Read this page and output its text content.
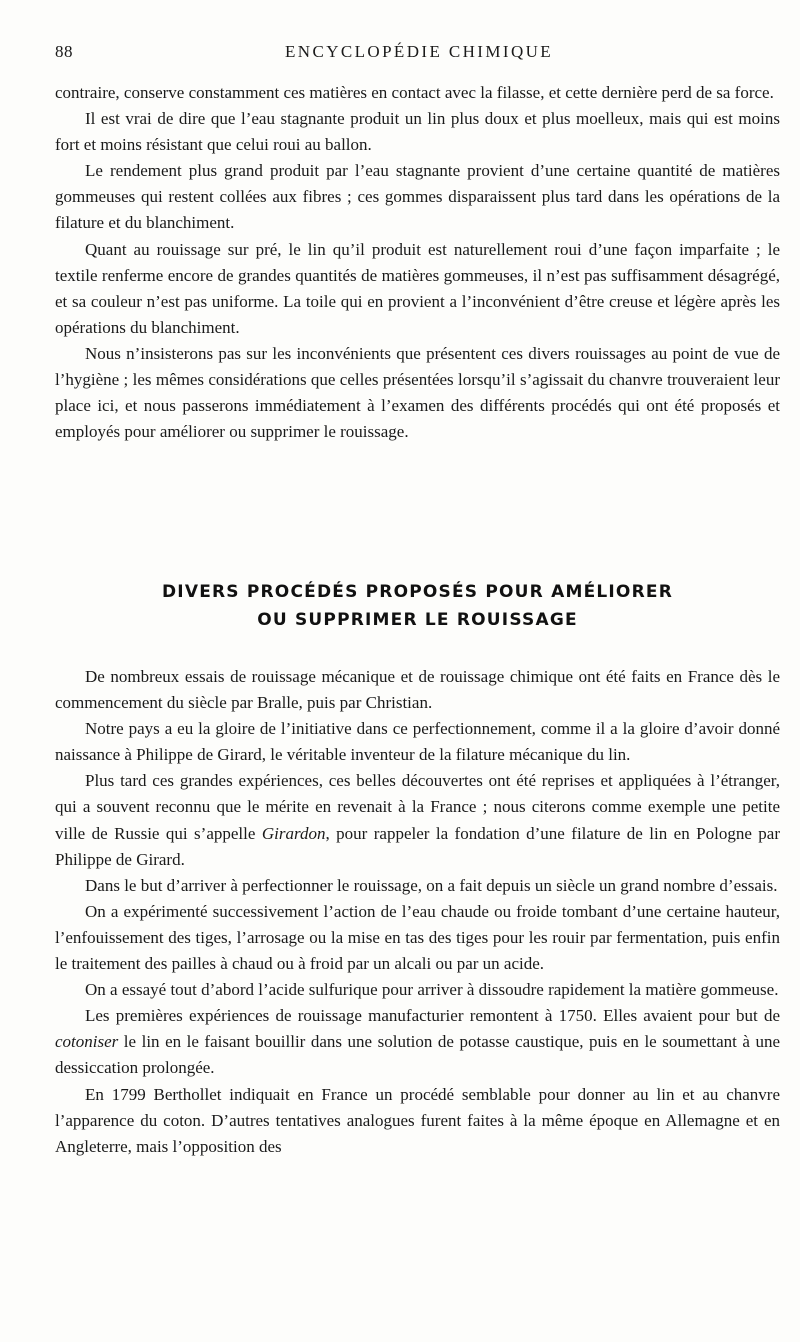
88	ENCYCLOPÉDIE CHIMIQUE

contraire, conserve constamment ces matières en contact avec la filasse, et cette dernière perd de sa force.

Il est vrai de dire que l’eau stagnante produit un lin plus doux et plus moelleux, mais qui est moins fort et moins résistant que celui roui au ballon.

Le rendement plus grand produit par l’eau stagnante provient d’une certaine quantité de matières gommeuses qui restent collées aux fibres ; ces gommes disparaissent plus tard dans les opérations de la filature et du blanchiment.

Quant au rouissage sur pré, le lin qu’il produit est naturellement roui d’une façon imparfaite ; le textile renferme encore de grandes quantités de matières gommeuses, il n’est pas suffisamment désagrégé, et sa couleur n’est pas uniforme. La toile qui en provient a l’inconvénient d’être creuse et légère après les opérations du blanchiment.

Nous n’insisterons pas sur les inconvénients que présentent ces divers rouissages au point de vue de l’hygiène ; les mêmes considérations que celles présentées lorsqu’il s’agissait du chanvre trouveraient leur place ici, et nous passerons immédiatement à l’examen des différents procédés qui ont été proposés et employés pour améliorer ou supprimer le rouissage.

DIVERS PROCÉDÉS PROPOSÉS POUR AMÉLIORER
OU SUPPRIMER LE ROUISSAGE

De nombreux essais de rouissage mécanique et de rouissage chimique ont été faits en France dès le commencement du siècle par Bralle, puis par Christian.

Notre pays a eu la gloire de l’initiative dans ce perfectionnement, comme il a la gloire d’avoir donné naissance à Philippe de Girard, le véritable inventeur de la filature mécanique du lin.

Plus tard ces grandes expériences, ces belles découvertes ont été reprises et appliquées à l’étranger, qui a souvent reconnu que le mérite en revenait à la France ; nous citerons comme exemple une petite ville de Russie qui s’appelle Girardon, pour rappeler la fondation d’une filature de lin en Pologne par Philippe de Girard.

Dans le but d’arriver à perfectionner le rouissage, on a fait depuis un siècle un grand nombre d’essais.

On a expérimenté successivement l’action de l’eau chaude ou froide tombant d’une certaine hauteur, l’enfouissement des tiges, l’arrosage ou la mise en tas des tiges pour les rouir par fermentation, puis enfin le traitement des pailles à chaud ou à froid par un alcali ou par un acide.

On a essayé tout d’abord l’acide sulfurique pour arriver à dissoudre rapidement la matière gommeuse.

Les premières expériences de rouissage manufacturier remontent à 1750. Elles avaient pour but de cotoniser le lin en le faisant bouillir dans une solution de potasse caustique, puis en le soumettant à une dessiccation prolongée.

En 1799 Berthollet indiquait en France un procédé semblable pour donner au lin et au chanvre l’apparence du coton. D’autres tentatives analogues furent faites à la même époque en Allemagne et en Angleterre, mais l’opposition des
